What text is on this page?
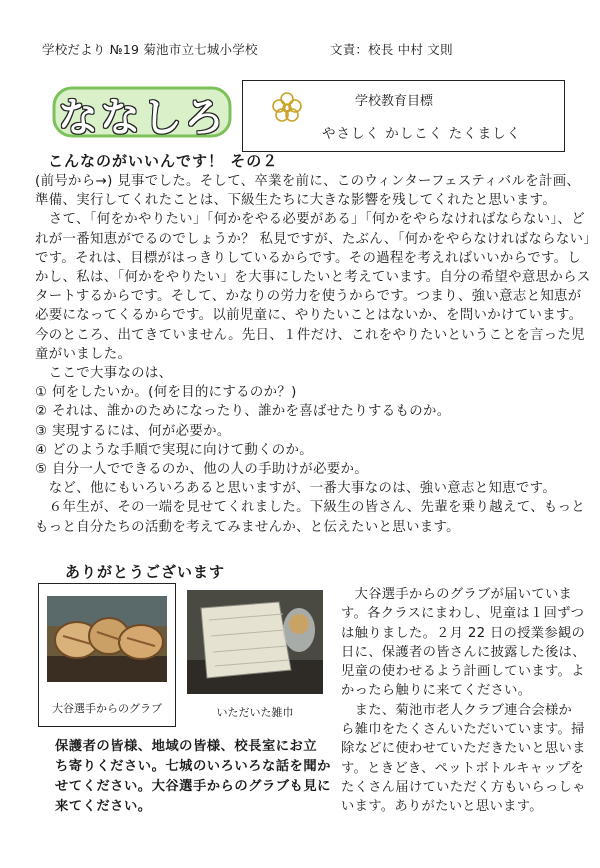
学校だより №19 菊池市立七城小学校	文責：校長 中村 文則
ななしろ	学校教育目標
やさしく かしこく たくましく
こんなのがいいんです！ その２

(前号から→) 見事でした。そして、卒業を前に、このウィンターフェスティバルを計画、

準備、実行してくれたことは、下級生たちに大きな影響を残してくれたと思います。

　さて、「何をかやりたい」「何かをやる必要がある」「何かをやらなければならない」、ど

れが一番知恵がでるのでしょうか？ 私見ですが、たぶん、「何かをやらなければならない」

です。それは、目標がはっきりしているからです。その過程を考えればいいからです。し

かし、私は、「何かをやりたい」を大事にしたいと考えています。自分の希望や意思からス

タートするからです。そして、かなりの労力を使うからです。つまり、強い意志と知恵が

必要になってくるからです。以前児童に、やりたいことはないか、を問いかけています。

今のところ、出てきていません。先日、１件だけ、これをやりたいということを言った児

童がいました。

　ここで大事なのは、

① 何をしたいか。(何を目的にするのか？)

② それは、誰かのためになったり、誰かを喜ばせたりするものか。

③ 実現するには、何が必要か。

④ どのような手順で実現に向けて動くのか。

⑤ 自分一人でできるのか、他の人の手助けが必要か。

　など、他にもいろいろあると思いますが、一番大事なのは、強い意志と知恵です。

　６年生が、その一端を見せてくれました。下級生の皆さん、先輩を乗り越えて、もっと

もっと自分たちの活動を考えてみませんか、と伝えたいと思います。

ありがとうございます
大谷選手からのグラブ	いただいた雑巾

　大谷選手からのグラブが届いていま

す。各クラスにまわし、児童は１回ずつ

は触りました。２月 22 日の授業参観の

日に、保護者の皆さんに披露した後は、

児童の使わせるよう計画しています。よ

かったら触りに来てください。

　また、菊池市老人クラブ連合会様か

ら雑巾をたくさんいただいています。掃

除などに使わせていただきたいと思いま

す。ときどき、ペットボトルキャップを

たくさん届けていただく方もいらっしゃ

います。ありがたいと思います。

保護者の皆様、地域の皆様、校長室にお立

ち寄りください。七城のいろいろな話を聞か

せてください。大谷選手からのグラブも見に

来てください。
